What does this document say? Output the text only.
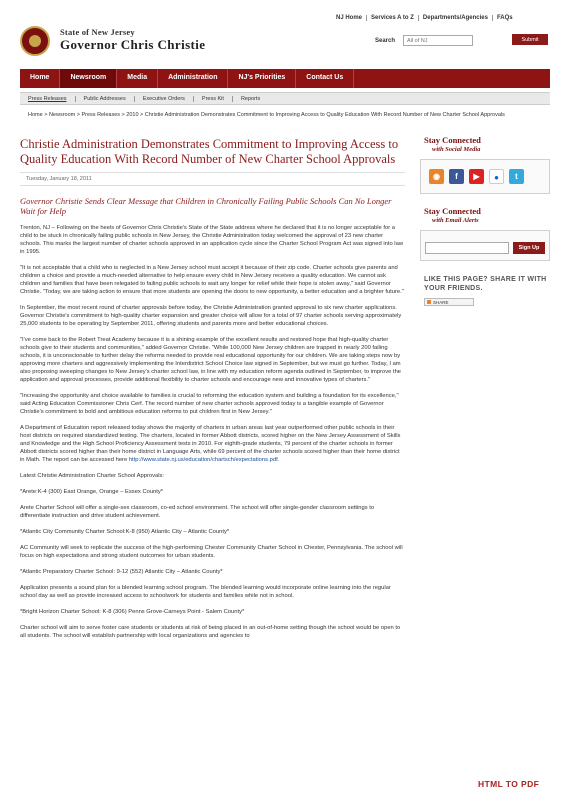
NJ Home	Services A to Z	Departments/Agencies	FAQs
State of New Jersey
Governor Chris Christie	Search
All of NJ	Submit
Home	Newsroom	Media	Administration	NJ's Priorities	Contact Us
Press Releases	Public Addresses	Executive Orders	Press Kit	Reports
Home > Newsroom > Press Releases > 2010 > Christie Administration Demonstrates Commitment to Improving Access to Quality Education With Record Number of New Charter School Approvals
Christie Administration Demonstrates Commitment to Improving Access to Quality Education With Record Number of New Charter School Approvals
Tuesday, January 18, 2011
Governor Christie Sends Clear Message that Children in Chronically Failing Public Schools Can No Longer Wait for Help

Trenton, NJ – Following on the heels of Governor Chris Christie's State of the State address where he declared that it is no longer acceptable for a child to be stuck in chronically failing public schools in New Jersey, the Christie Administration today welcomed the approval of 23 new charter schools. This marks the largest number of charter schools approved in an application cycle since the Charter School Program Act was signed into law in 1995.

"It is not acceptable that a child who is neglected in a New Jersey school must accept it because of their zip code. Charter schools give parents and children a choice and provide a much-needed alternative to help ensure every child in New Jersey receives a quality education. We cannot ask children and families that have been relegated to failing public schools to wait any longer for relief while their hope is stolen away," said Governor Christie. "Today, we are taking action to ensure that more students are opening the doors to new opportunity, a better education and a brighter future."

In September, the most recent round of charter approvals before today, the Christie Administration granted approval to six new charter applications. Governor Christie's commitment to high-quality charter expansion and greater choice will allow for a total of 97 charter schools serving approximately 25,000 students to be operating by September 2011, offering students and parents more and better educational choices.

"I've come back to the Robert Treat Academy because it is a shining example of the excellent results and restored hope that high-quality charter schools give to their students and communities," added Governor Christie. "While 100,000 New Jersey children are trapped in nearly 200 failing schools, it is unconscionable to further delay the reforms needed to provide real educational opportunity for our children. We are taking steps now by approving more charters and aggressively implementing the Interdistrict School Choice law signed in September, but we must go further. Today, I am also proposing sweeping changes to New Jersey's charter school law, in line with my education reform agenda outlined in September, to improve the application and approval processes, provide additional flexibility to charter schools and encourage new and innovative types of charters."

"Increasing the opportunity and choice available to families is crucial to reforming the education system and building a foundation for its excellence," said Acting Education Commissioner Chris Cerf. The record number of new charter schools approved today is a tangible example of Governor Christie's commitment to bold and ambitious education reforms to put children first in New Jersey."

A Department of Education report released today shows the majority of charters in urban areas last year outperformed other public schools in their host districts on required standardized testing. The charters, located in former Abbott districts, scored higher on the New Jersey Assessment of Skills and Knowledge and the High School Proficiency Assessment tests in 2010. For eighth-grade students, 79 percent of the charter schools in former Abbott districts scored higher than their home district in Language Arts, while 69 percent of the charter schools scored higher than their home district in Math. The report can be accessed here http://www.state.nj.us/education/chartsch/expectations.pdf.

Latest Christie Administration Charter School Approvals:

*Arete:K-4 (300) East Orange, Orange – Essex County*

Arete Charter School will offer a single-sex classroom, co-ed school environment. The school will offer single-gender classroom settings to differentiate instruction and drive student achievement.

*Atlantic City Community Charter School:K-8 (950) Atlantic City – Atlantic County*

AC Community will seek to replicate the success of the high-performing Chester Community Charter School in Chester, Pennsylvania. The school will focus on high expectations and strong student outcomes for urban students.

*Atlantic Preparatory Charter School: 9-12 (552) Atlantic City – Atlantic County*

Application presents a sound plan for a blended learning school program. The blended learning would incorporate online learning into the regular school day as well as provide increased access to schoolwork for students and families while not in school.

*Bright Horizon Charter School: K-8 (306) Penns Grove-Carneys Point - Salem County*

Charter school will aim to serve foster care students or students at risk of being placed in an out-of-home setting though the school would be open to all students. The school will establish partnership with local organizations and agencies to

Stay Connected
with Social Media
◉	f	▶	●	t
Stay Connected
with Email Alerts
Sign Up
LIKE THIS PAGE? SHARE IT WITH YOUR FRIENDS.
SHARE
HTML TO PDF
